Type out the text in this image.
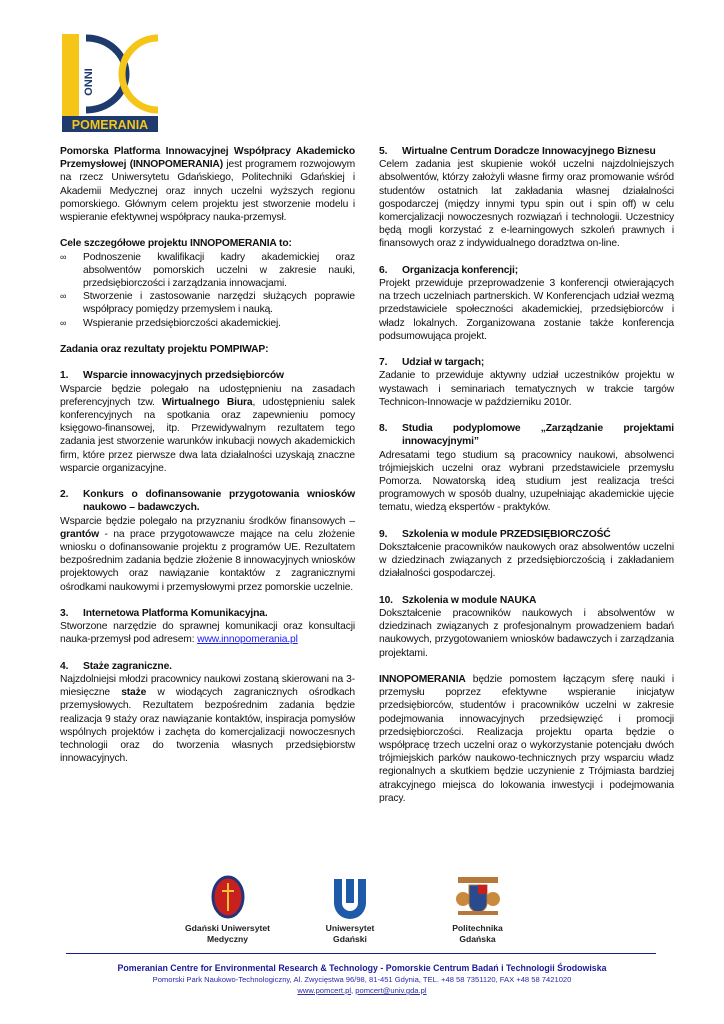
INNO
POMERANIA

Pomorska Platforma Innowacyjnej Współpracy Akademicko Przemysłowej (INNOPOMERANIA) jest programem rozwojowym na rzecz Uniwersytetu Gdańskiego, Politechniki Gdańskiej i Akademii Medycznej oraz innych uczelni wyższych regionu pomorskiego. Głównym celem projektu jest stworzenie modelu i wspieranie efektywnej współpracy nauka-przemysł.

Cele szczegółowe projektu INNOPOMERANIA to:
∞	Podnoszenie kwalifikacji kadry akademickiej oraz absolwentów pomorskich uczelni w zakresie nauki, przedsiębiorczości i zarządzania innowacjami.
∞	Stworzenie i zastosowanie narzędzi służących poprawie współpracy pomiędzy przemysłem i nauką.
∞	Wspieranie przedsiębiorczości akademickiej.

Zadania oraz rezultaty projektu POMPIWAP:

1.	Wsparcie innowacyjnych przedsiębiorców

Wsparcie będzie polegało na udostępnieniu na zasadach preferencyjnych tzw. Wirtualnego Biura, udostępnieniu salek konferencyjnych na spotkania oraz zapewnieniu pomocy księgowo-finansowej, itp. Przewidywalnym rezultatem tego zadania jest stworzenie warunków inkubacji nowych akademickich firm, które przez pierwsze dwa lata działalności uzyskają znaczne wsparcie organizacyjne.

2.	Konkurs o dofinansowanie przygotowania wniosków naukowo – badawczych.

Wsparcie będzie polegało na przyznaniu środków finansowych – grantów - na prace przygotowawcze mające na celu złożenie wniosku o dofinansowanie projektu z programów UE. Rezultatem bezpośrednim zadania będzie złożenie 8 innowacyjnych wniosków projektowych oraz nawiązanie kontaktów z zagranicznymi ośrodkami naukowymi i przemysłowymi przez pomorskie uczelnie.

3.	Internetowa Platforma Komunikacyjna.

Stworzone narzędzie do sprawnej komunikacji oraz konsultacji nauka-przemysł pod adresem: www.innopomerania.pl

4.	Staże zagraniczne.

Najzdolniejsi młodzi pracownicy naukowi zostaną skierowani na 3-miesięczne staże w wiodących zagranicznych ośrodkach przemysłowych. Rezultatem bezpośrednim zadania będzie realizacja 9 staży oraz nawiązanie kontaktów, inspiracja pomysłów wspólnych projektów i zachęta do komercjalizacji nowoczesnych technologii oraz do tworzenia własnych przedsiębiorstw innowacyjnych.

5.	Wirtualne Centrum Doradcze Innowacyjnego Biznesu

Celem zadania jest skupienie wokół uczelni najzdolniejszych absolwentów, którzy założyli własne firmy oraz promowanie wśród studentów ostatnich lat zakładania własnej działalności gospodarczej (między innymi typu spin out i spin off) w celu komercjalizacji nowoczesnych rozwiązań i technologii. Uczestnicy będą mogli korzystać z e-learningowych szkoleń prawnych i finansowych oraz z indywidualnego doradztwa on-line.

6.	Organizacja konferencji;

Projekt przewiduje przeprowadzenie 3 konferencji otwierających na trzech uczelniach partnerskich. W Konferencjach udział wezmą przedstawiciele społeczności akademickiej, przedsiębiorców i władz lokalnych. Zorganizowana zostanie także konferencja podsumowująca projekt.

7.	Udział w targach;

Zadanie to przewiduje aktywny udział uczestników projektu w wystawach i seminariach tematycznych w trakcie targów Technicon-Innowacje w październiku 2010r.

8.	Studia podyplomowe „Zarządzanie projektami innowacyjnymi”

Adresatami tego studium są pracownicy naukowi, absolwenci trójmiejskich uczelni oraz wybrani przedstawiciele przemysłu Pomorza. Nowatorską ideą studium jest realizacja treści programowych w sposób dualny, uzupełniając akademickie ujęcie tematu, wiedzą ekspertów - praktyków.

9.	Szkolenia w module PRZEDSIĘBIORCZOŚĆ

Dokształcenie pracowników naukowych oraz absolwentów uczelni w dziedzinach związanych z przedsiębiorczością i zakładaniem działalności gospodarczej.

10. Szkolenia w module NAUKA

Dokształcenie pracowników naukowych i absolwentów w dziedzinach związanych z profesjonalnym prowadzeniem badań naukowych, przygotowaniem wniosków badawczych i zarządzania projektami.

INNOPOMERANIA będzie pomostem łączącym sferę nauki i przemysłu poprzez efektywne wspieranie inicjatyw przedsiębiorców, studentów i pracowników uczelni w zakresie podejmowania innowacyjnych przedsięwzięć i promocji przedsiębiorczości. Realizacja projektu oparta będzie o współpracę trzech uczelni oraz o wykorzystanie potencjału dwóch trójmiejskich parków naukowo-technicznych przy wsparciu władz regionalnych a skutkiem będzie uczynienie z Trójmiasta bardziej atrakcyjnego miejsca do lokowania inwestycji i podejmowania pracy.

Gdański Uniwersytet
Medyczny
Uniwersytet
Gdański
Politechnika
Gdańska
Pomeranian Centre for Environmental Research & Technology - Pomorskie Centrum Badań i Technologii Środowiska
Pomorski Park Naukowo-Technologiczny, Al. Zwycięstwa 96/98, 81-451 Gdynia, TEL. +48 58 7351120, FAX +48 58 7421020
www.pomcert.pl, pomcert@univ.gda.pl
